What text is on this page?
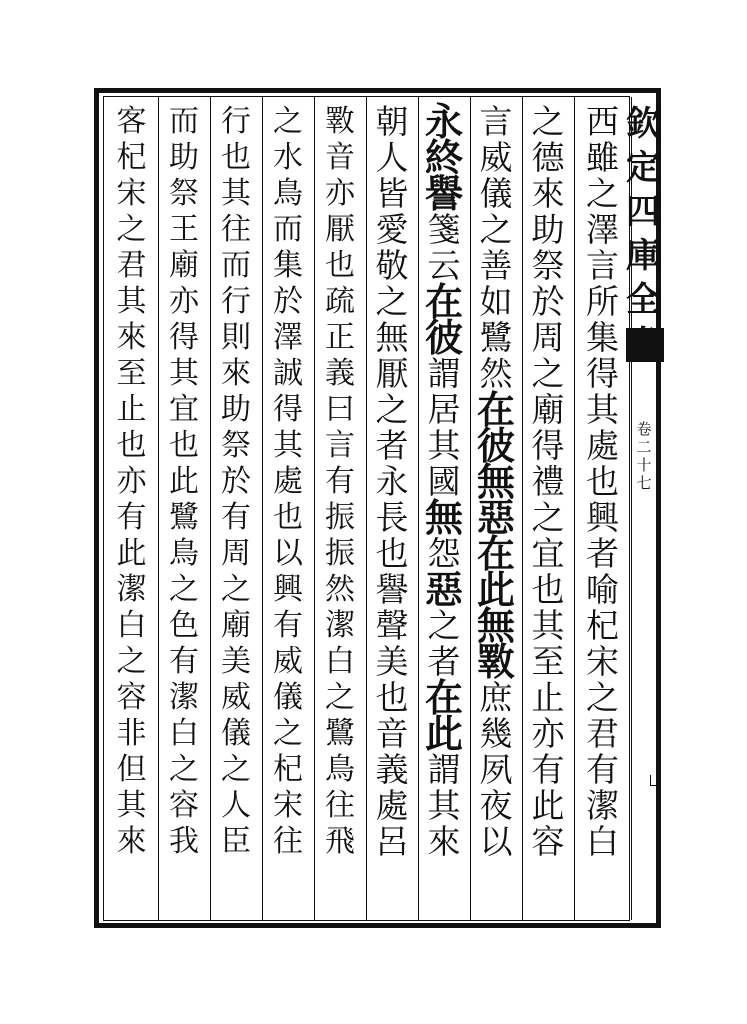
西
雖
之
澤
言
所
集
得
其
處
也
興
者
喻
杞
宋
之
君
有
潔
白
之
德
來
助
祭
於
周
之
廟
得
禮
之
宜
也
其
至
止
亦
有
此
容
言
威
儀
之
善
如
鷺
然
在
彼
無
惡
在
此
無
斁
庶
幾
夙
夜
以
永
終
譽
箋
云
在
彼
謂
居
其
國
無
怨
惡
之
者
在
此
謂
其
來
朝
人
皆
愛
敬
之
無
厭
之
者
永
長
也
譽
聲
美
也
音
義
處
呂
斁
音
亦
厭
也
疏
正
義
曰
言
有
振
振
然
潔
白
之
鷺
鳥
往
飛
之
水
鳥
而
集
於
澤
誠
得
其
處
也
以
興
有
威
儀
之
杞
宋
往
行
也
其
往
而
行
則
來
助
祭
於
有
周
之
廟
美
威
儀
之
人
臣
而
助
祭
王
廟
亦
得
其
宜
也
此
鷺
鳥
之
色
有
潔
白
之
容
我
客
杞
宋
之
君
其
來
至
止
也
亦
有
此
潔
白
之
容
非
但
其
來
欽
定
四
庫
全
卷
二
十
七
